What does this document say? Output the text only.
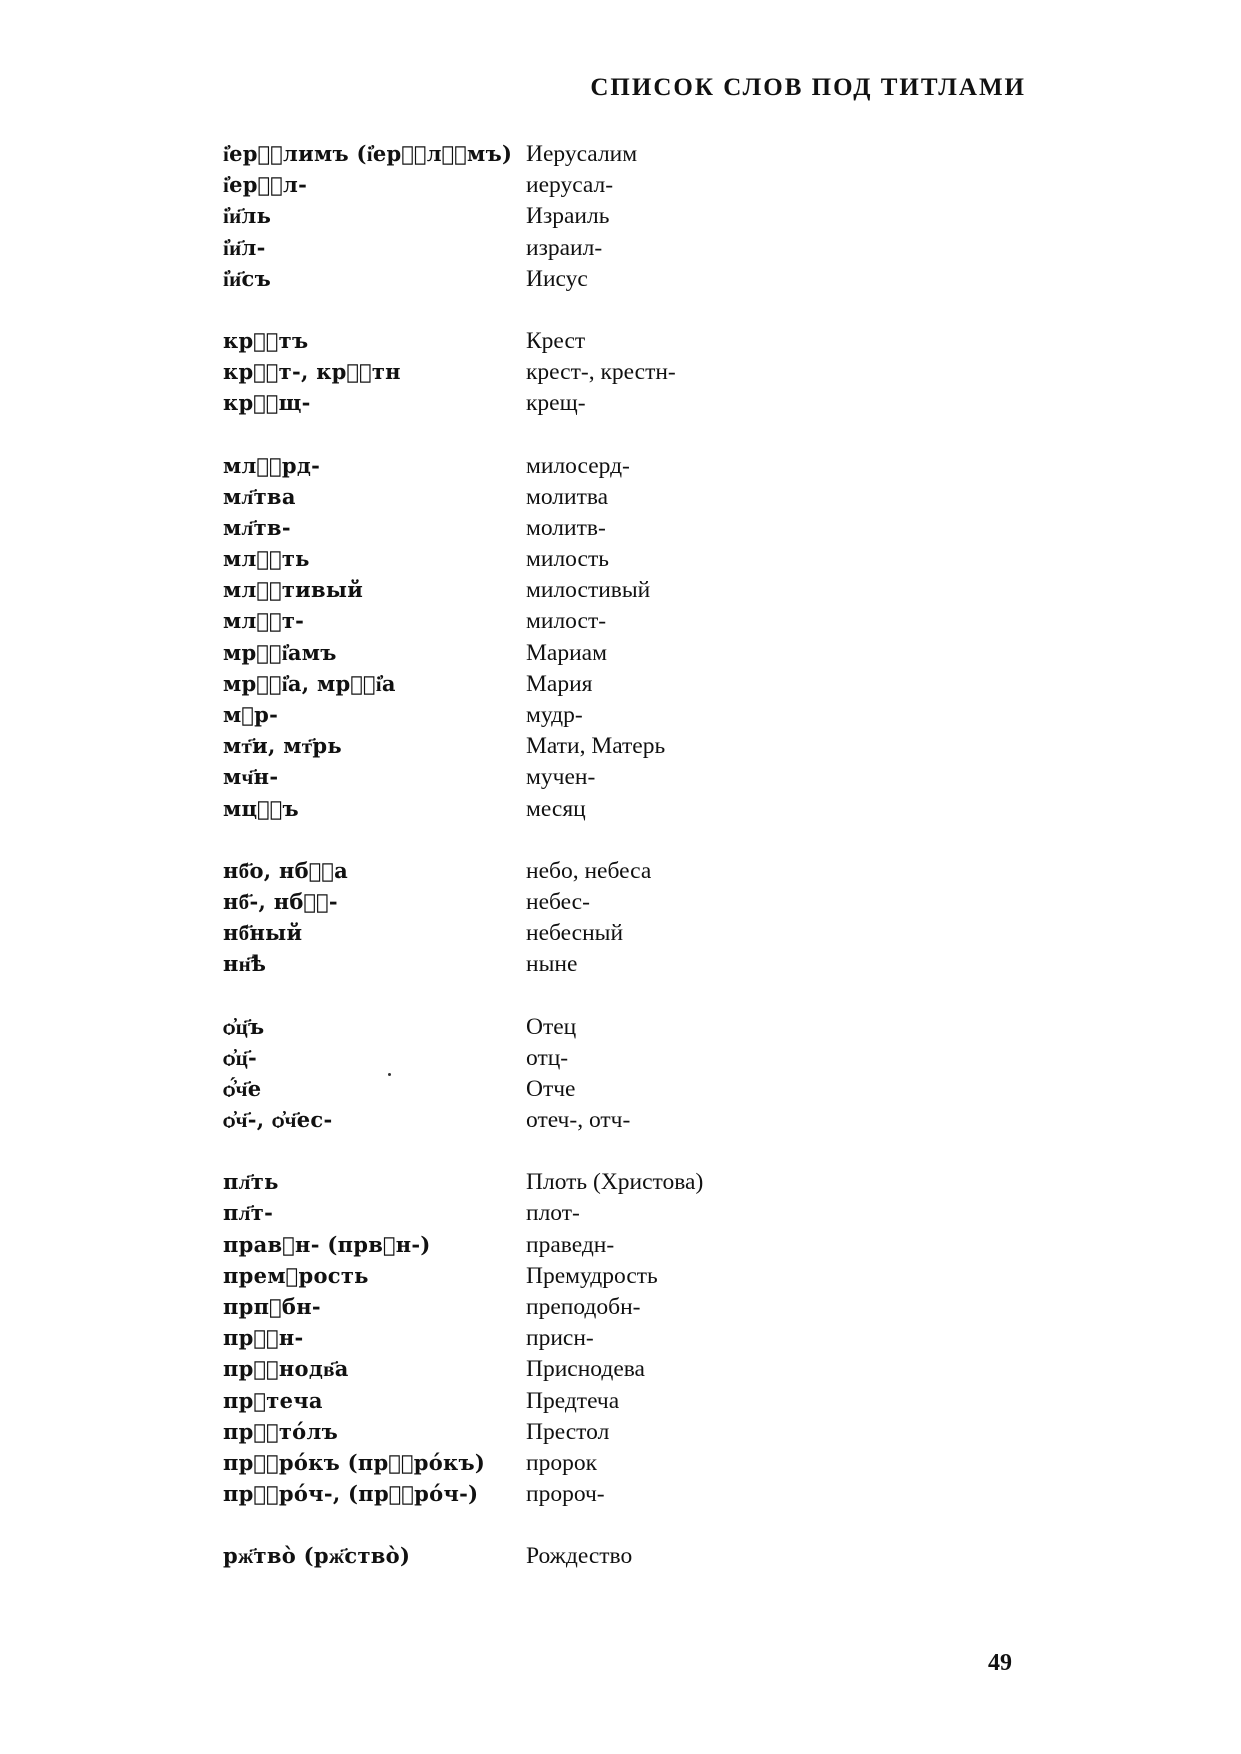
СПИСОК СЛОВ ПОД ТИТЛАМИ
і҆ерⷭ҇лимъ (і҆ерⷭ҇лⷨ҇мъ) Иерусалим
і҆ерⷭ҇л-	иерусал-
і҆и҃ль	Израиль
і҆и҃л-	израил-
і҆и҃съ	Иисус
крⷭ҇тъ	Крест
крⷭ҇т-, крⷭ҇тн	крест-, крестн-
крⷭ҇щ-	крещ-
млⷭ҇рд-	милосерд-
мл҃тва	молитва
мл҃тв-	молитв-
млⷭ҇ть	милость
млⷭ҇тивый	милостивый
млⷭ҇т-	милост-
мрⷭ҇і҆амъ	Мариам
мрⷭ҇і҆а, мрⷭ҇і҆а	Мария
мⷣр-	мудр-
мт҃и, мт҃рь	Мати, Матерь
мч҃н-	мучен-
мцⷭ҇ъ	месяц
нб҃о, нбⷭ҇а	небо, небеса
нб҃-, нбⷭ҇-	небес-
нб҃ный	небесный
нн҃ѣ	ныне
ѻ҆ц҃ъ	Отец
ѻ҆ц҃-	отц-
ѻ҆́ч҃е	Отче
ѻ҆ч҃-, ѻ҆ч҃ес-	отеч-, отч-
пл҃ть	Плоть (Христова)
пл҃т-	плот-
правⷣн- (првⷣн-)	праведн-
премⷣрость	Премудрость
прпⷣбн-	преподобн-
прⷭ҇н-	присн-
прⷭ҇нодв҃а	Приснодева
прⷣтеча	Предтеча
прⷭ҇то́лъ	Престол
прⷪ҇ро́къ (прⷪ҇ро́къ)	пророк
прⷪ҇ро́ч-, (прⷪ҇ро́ч-)	пророч-
рж҃тво̀ (рж҃ство̀)	Рождество
49
